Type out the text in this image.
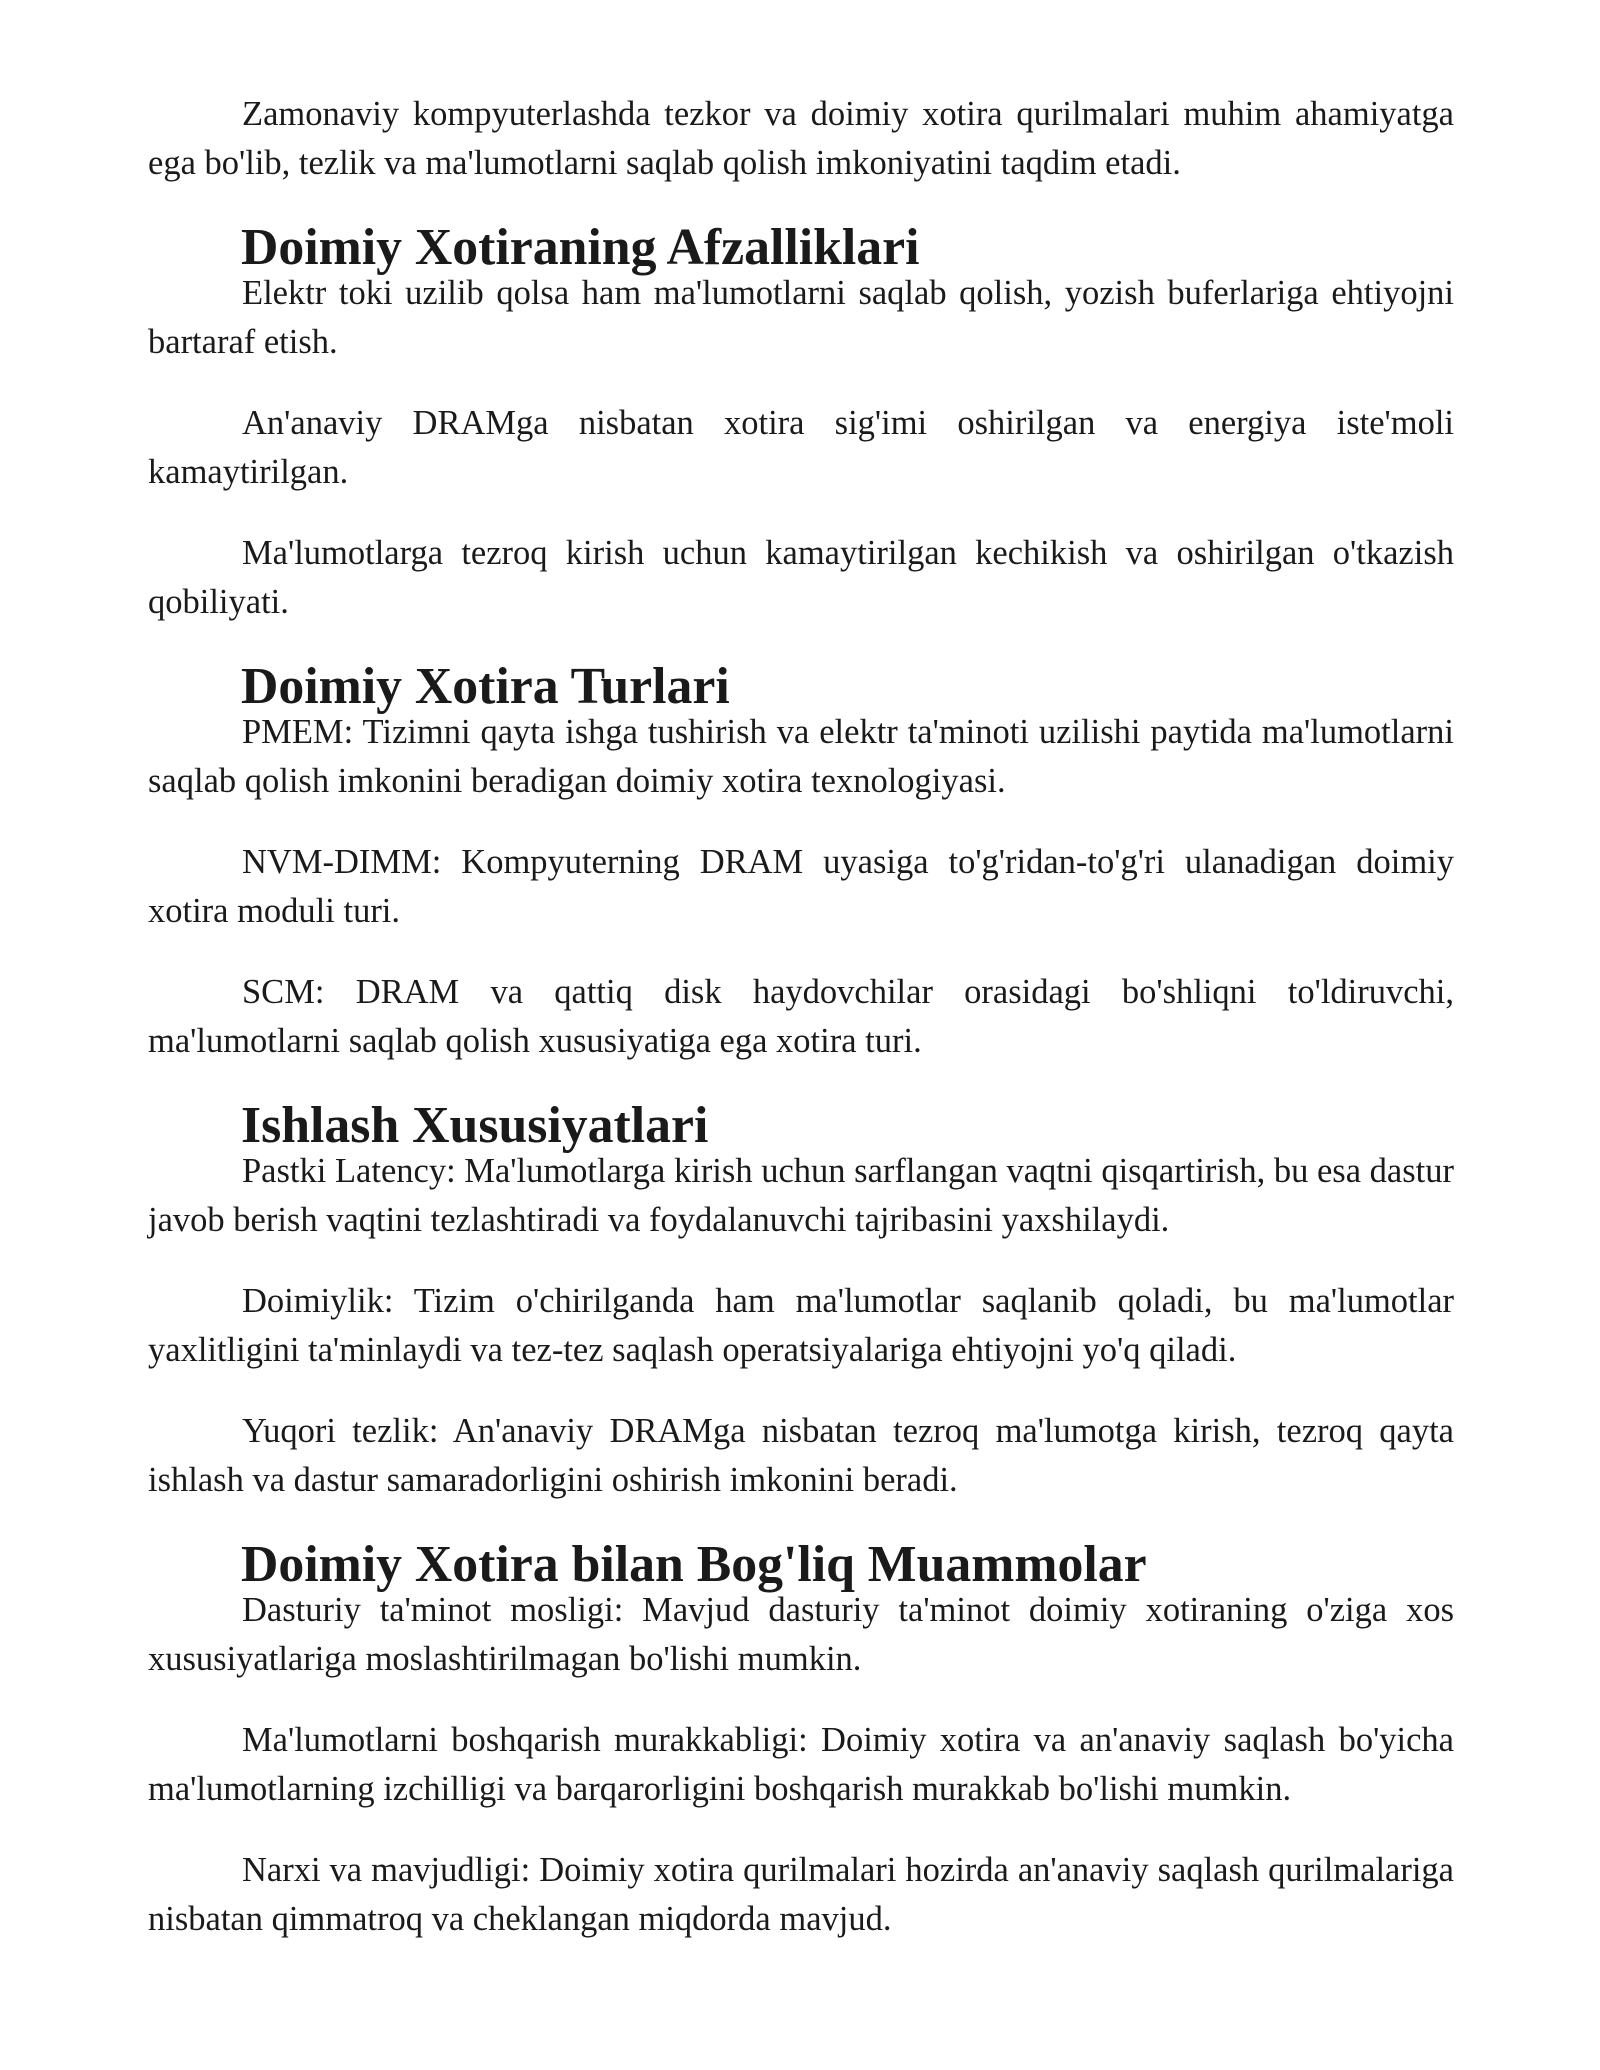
Zamonaviy kompyuterlashda tezkor va doimiy xotira qurilmalari muhim ahamiyatga ega bo'lib, tezlik va ma'lumotlarni saqlab qolish imkoniyatini taqdim etadi.

Doimiy Xotiraning Afzalliklari

Elektr toki uzilib qolsa ham ma'lumotlarni saqlab qolish, yozish buferlariga ehtiyojni bartaraf etish.

An'anaviy DRAMga nisbatan xotira sig'imi oshirilgan va energiya iste'moli kamaytirilgan.

Ma'lumotlarga tezroq kirish uchun kamaytirilgan kechikish va oshirilgan o'tkazish qobiliyati.

Doimiy Xotira Turlari

PMEM: Tizimni qayta ishga tushirish va elektr ta'minoti uzilishi paytida ma'lumotlarni saqlab qolish imkonini beradigan doimiy xotira texnologiyasi.

NVM-DIMM: Kompyuterning DRAM uyasiga to'g'ridan-to'g'ri ulanadigan doimiy xotira moduli turi.

SCM: DRAM va qattiq disk haydovchilar orasidagi bo'shliqni to'ldiruvchi, ma'lumotlarni saqlab qolish xususiyatiga ega xotira turi.

Ishlash Xususiyatlari

Pastki Latency: Ma'lumotlarga kirish uchun sarflangan vaqtni qisqartirish, bu esa dastur javob berish vaqtini tezlashtiradi va foydalanuvchi tajribasini yaxshilaydi.

Doimiylik: Tizim o'chirilganda ham ma'lumotlar saqlanib qoladi, bu ma'lumotlar yaxlitligini ta'minlaydi va tez-tez saqlash operatsiyalariga ehtiyojni yo'q qiladi.

Yuqori tezlik: An'anaviy DRAMga nisbatan tezroq ma'lumotga kirish, tezroq qayta ishlash va dastur samaradorligini oshirish imkonini beradi.

Doimiy Xotira bilan Bog'liq Muammolar

Dasturiy ta'minot mosligi: Mavjud dasturiy ta'minot doimiy xotiraning o'ziga xos xususiyatlariga moslashtirilmagan bo'lishi mumkin.

Ma'lumotlarni boshqarish murakkabligi: Doimiy xotira va an'anaviy saqlash bo'yicha ma'lumotlarning izchilligi va barqarorligini boshqarish murakkab bo'lishi mumkin.

Narxi va mavjudligi: Doimiy xotira qurilmalari hozirda an'anaviy saqlash qurilmalariga nisbatan qimmatroq va cheklangan miqdorda mavjud.
